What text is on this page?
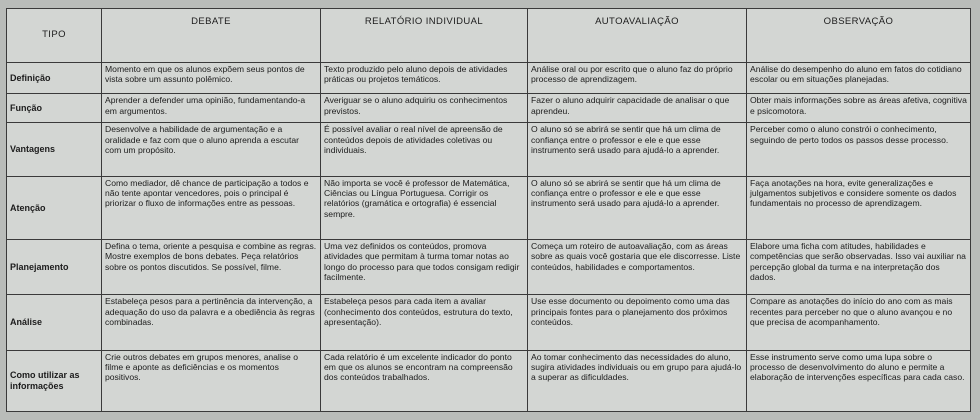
TIPO	DEBATE	RELATÓRIO INDIVIDUAL	AUTOAVALIAÇÃO	OBSERVAÇÃO
Definição	Momento em que os alunos expõem seus pontos de vista sobre um assunto polêmico.	Texto produzido pelo aluno depois de atividades práticas ou projetos temáticos.	Análise oral ou por escrito que o aluno faz do próprio processo de aprendizagem.	Análise do desempenho do aluno em fatos do cotidiano escolar ou em situações planejadas.
Função	Aprender a defender uma opinião, fundamentando-a em argumentos.	Averiguar se o aluno adquiriu os conhecimentos previstos.	Fazer o aluno adquirir capacidade de analisar o que aprendeu.	Obter mais informações sobre as áreas afetiva, cognitiva e psicomotora.
Vantagens	Desenvolve a habilidade de argumentação e a oralidade e faz com que o aluno aprenda a escutar com um propósito.	É possível avaliar o real nível de apreensão de conteúdos depois de atividades coletivas ou individuais.	O aluno só se abrirá se sentir que há um clima de confiança entre o professor e ele e que esse instrumento será usado para ajudá-lo a aprender.	Perceber como o aluno constrói o conhecimento, seguindo de perto todos os passos desse processo.
Atenção	Como mediador, dê chance de participação a todos e não tente apontar vencedores, pois o principal é priorizar o fluxo de informações entre as pessoas.	Não importa se você é professor de Matemática, Ciências ou Língua Portuguesa. Corrigir os relatórios (gramática e ortografia) é essencial sempre.	O aluno só se abrirá se sentir que há um clima de confiança entre o professor e ele e que esse instrumento será usado para ajudá-lo a aprender.	Faça anotações na hora, evite generalizações e julgamentos subjetivos e considere somente os dados fundamentais no processo de aprendizagem.
Planejamento	Defina o tema, oriente a pesquisa e combine as regras. Mostre exemplos de bons debates. Peça relatórios sobre os pontos discutidos. Se possível, filme.	Uma vez definidos os conteúdos, promova atividades que permitam à turma tomar notas ao longo do processo para que todos consigam redigir facilmente.	Começa um roteiro de autoavaliação, com as áreas sobre as quais você gostaria que ele discorresse. Liste conteúdos, habilidades e comportamentos.	Elabore uma ficha com atitudes, habilidades e competências que serão observadas. Isso vai auxiliar na percepção global da turma e na interpretação dos dados.
Análise	Estabeleça pesos para a pertinência da intervenção, a adequação do uso da palavra e a obediência às regras combinadas.	Estabeleça pesos para cada item a avaliar (conhecimento dos conteúdos, estrutura do texto, apresentação).	Use esse documento ou depoimento como uma das principais fontes para o planejamento dos próximos conteúdos.	Compare as anotações do início do ano com as mais recentes para perceber no que o aluno avançou e no que precisa de acompanhamento.
Como utilizar as informações	Crie outros debates em grupos menores, analise o filme e aponte as deficiências e os momentos positivos.	Cada relatório é um excelente indicador do ponto em que os alunos se encontram na compreensão dos conteúdos trabalhados.	Ao tomar conhecimento das necessidades do aluno, sugira atividades individuais ou em grupo para ajudá-lo a superar as dificuldades.	Esse instrumento serve como uma lupa sobre o processo de desenvolvimento do aluno e permite a elaboração de intervenções específicas para cada caso.
